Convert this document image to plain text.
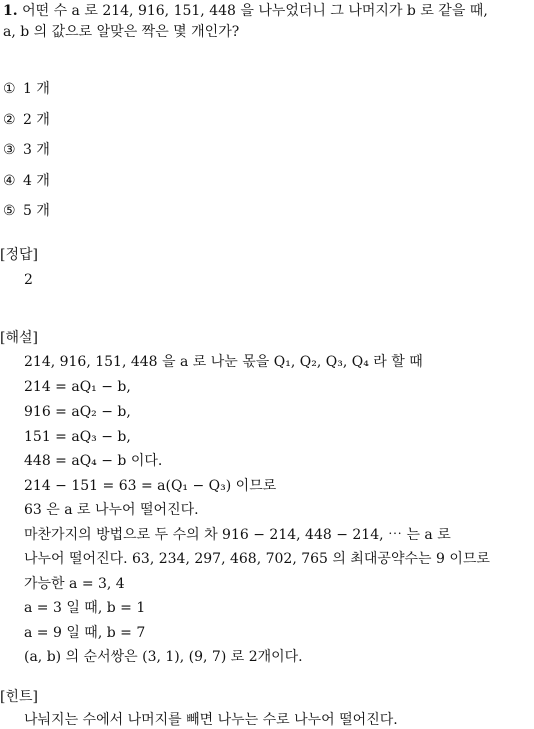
1. 어떤 수 a 로 214, 916, 151, 448 을 나누었더니 그 나머지가 b 로 같을 때,
a, b 의 값으로 알맞은 짝은 몇 개인가?
① 1 개
② 2 개
③ 3 개
④ 4 개
⑤ 5 개
[정답]
2
[해설]
214, 916, 151, 448 을 a 로 나눈 몫을 Q₁, Q₂, Q₃, Q₄ 라 할 때
214 = aQ₁ − b,
916 = aQ₂ − b,
151 = aQ₃ − b,
448 = aQ₄ − b 이다.
214 − 151 = 63 = a(Q₁ − Q₃) 이므로
63 은 a 로 나누어 떨어진다.
마찬가지의 방법으로 두 수의 차 916 − 214, 448 − 214, ⋯ 는 a 로
나누어 떨어진다. 63, 234, 297, 468, 702, 765 의 최대공약수는 9 이므로
가능한 a = 3, 4
a = 3 일 때, b = 1
a = 9 일 때, b = 7
(a, b) 의 순서쌍은 (3, 1), (9, 7) 로 2개이다.
[힌트]
나눠지는 수에서 나머지를 빼면 나누는 수로 나누어 떨어진다.
